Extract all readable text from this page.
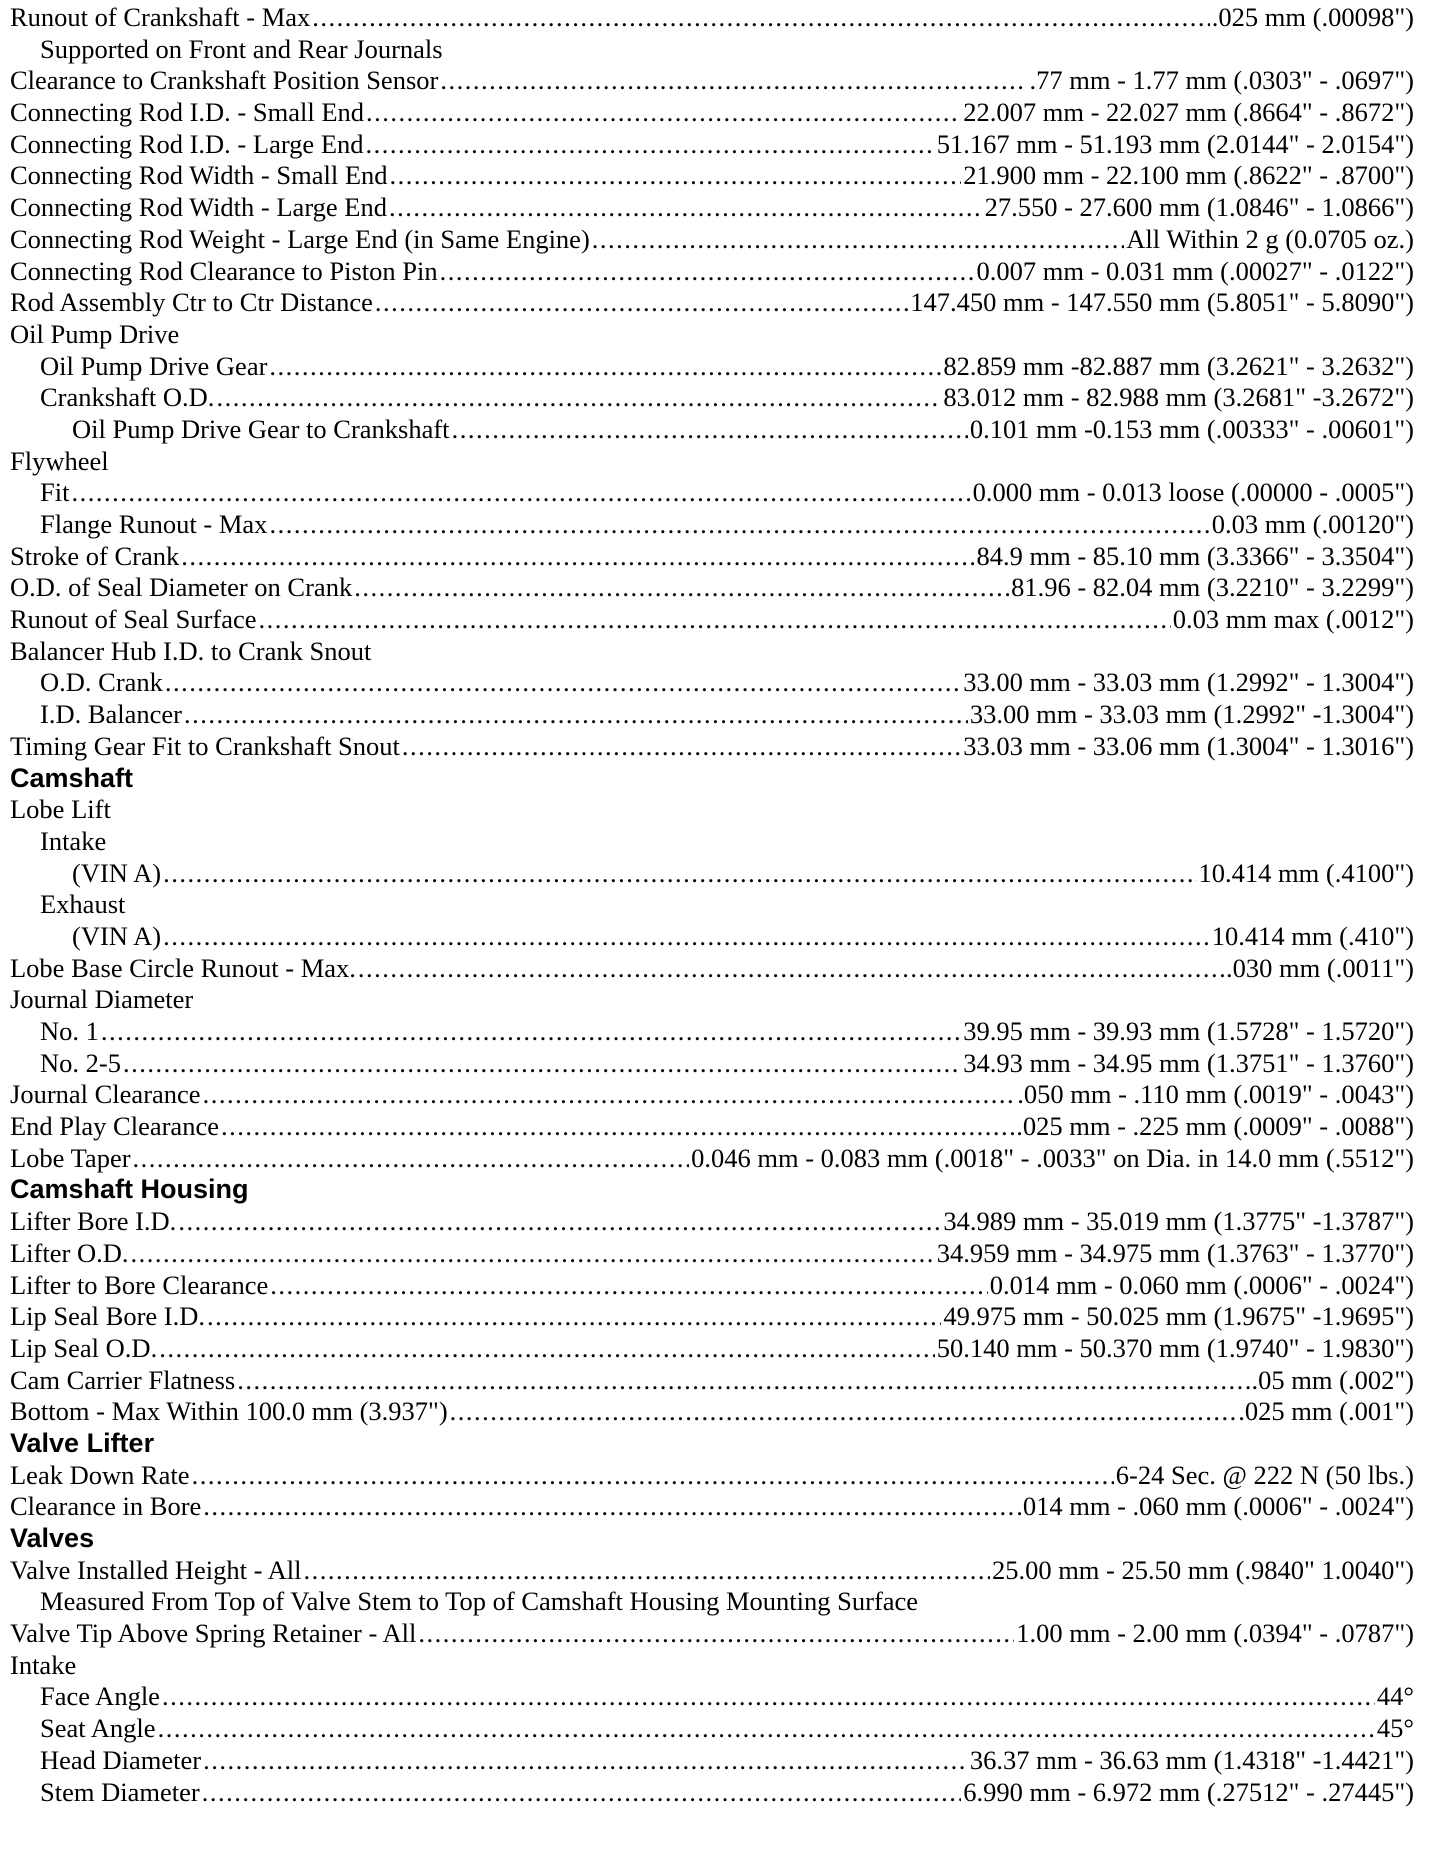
Runout of Crankshaft - Max .....	.025 mm (.00098")
Supported on Front and Rear Journals
Clearance to Crankshaft Position Sensor .....	.77 mm - 1.77 mm (.0303" - .0697")
Connecting Rod I.D. - Small End .....	22.007 mm - 22.027 mm (.8664" - .8672")
Connecting Rod I.D. - Large End .....	51.167 mm - 51.193 mm (2.0144" - 2.0154")
Connecting Rod Width - Small End .....	21.900 mm - 22.100 mm (.8622" - .8700")
Connecting Rod Width - Large End .....	27.550 - 27.600 mm (1.0846" - 1.0866")
Connecting Rod Weight - Large End (in Same Engine) .....	All Within 2 g (0.0705 oz.)
Connecting Rod Clearance to Piston Pin .....	0.007 mm - 0.031 mm (.00027" - .0122")
Rod Assembly Ctr to Ctr Distance .....	147.450 mm - 147.550 mm (5.8051" - 5.8090")
Oil Pump Drive
Oil Pump Drive Gear .....	82.859 mm -82.887 mm (3.2621" - 3.2632")
Crankshaft O.D. .....	83.012 mm - 82.988 mm (3.2681" -3.2672")
Oil Pump Drive Gear to Crankshaft .....	0.101 mm -0.153 mm (.00333" - .00601")
Flywheel
Fit .....	0.000 mm - 0.013 loose (.00000 - .0005")
Flange Runout - Max .....	0.03 mm (.00120")
Stroke of Crank .....	84.9 mm - 85.10 mm (3.3366" - 3.3504")
O.D. of Seal Diameter on Crank .....	81.96 - 82.04 mm (3.2210" - 3.2299")
Runout of Seal Surface .....	0.03 mm max (.0012")
Balancer Hub I.D. to Crank Snout
O.D. Crank .....	33.00 mm - 33.03 mm (1.2992" - 1.3004")
I.D. Balancer .....	33.00 mm - 33.03 mm (1.2992" -1.3004")
Timing Gear Fit to Crankshaft Snout .....	33.03 mm - 33.06 mm (1.3004" - 1.3016")
Camshaft
Lobe Lift
Intake
(VIN A) .....	10.414 mm (.4100")
Exhaust
(VIN A) .....	10.414 mm (.410")
Lobe Base Circle Runout - Max. .....	.030 mm (.0011")
Journal Diameter
No. 1 .....	39.95 mm - 39.93 mm (1.5728" - 1.5720")
No. 2-5 .....	34.93 mm - 34.95 mm (1.3751" - 1.3760")
Journal Clearance .....	.050 mm - .110 mm (.0019" - .0043")
End Play Clearance .....	.025 mm - .225 mm (.0009" - .0088")
Lobe Taper .....	0.046 mm - 0.083 mm (.0018" - .0033" on Dia. in 14.0 mm (.5512")
Camshaft Housing
Lifter Bore I.D. .....	34.989 mm - 35.019 mm (1.3775" -1.3787")
Lifter O.D. .....	34.959 mm - 34.975 mm (1.3763" - 1.3770")
Lifter to Bore Clearance .....	0.014 mm - 0.060 mm (.0006" - .0024")
Lip Seal Bore I.D. .....	49.975 mm - 50.025 mm (1.9675" -1.9695")
Lip Seal O.D. .....	50.140 mm - 50.370 mm (1.9740" - 1.9830")
Cam Carrier Flatness .....	.05 mm (.002")
Bottom - Max Within 100.0 mm (3.937") .....	.025 mm (.001")
Valve Lifter
Leak Down Rate .....	6-24 Sec. @ 222 N (50 lbs.)
Clearance in Bore .....	.014 mm - .060 mm (.0006" - .0024")
Valves
Valve Installed Height - All .....	25.00 mm - 25.50 mm (.9840" 1.0040")
Measured From Top of Valve Stem to Top of Camshaft Housing Mounting Surface
Valve Tip Above Spring Retainer - All .....	1.00 mm - 2.00 mm (.0394" - .0787")
Intake
Face Angle .....	44°
Seat Angle .....	45°
Head Diameter .....	36.37 mm - 36.63 mm (1.4318" -1.4421")
Stem Diameter .....	6.990 mm - 6.972 mm (.27512" - .27445")
